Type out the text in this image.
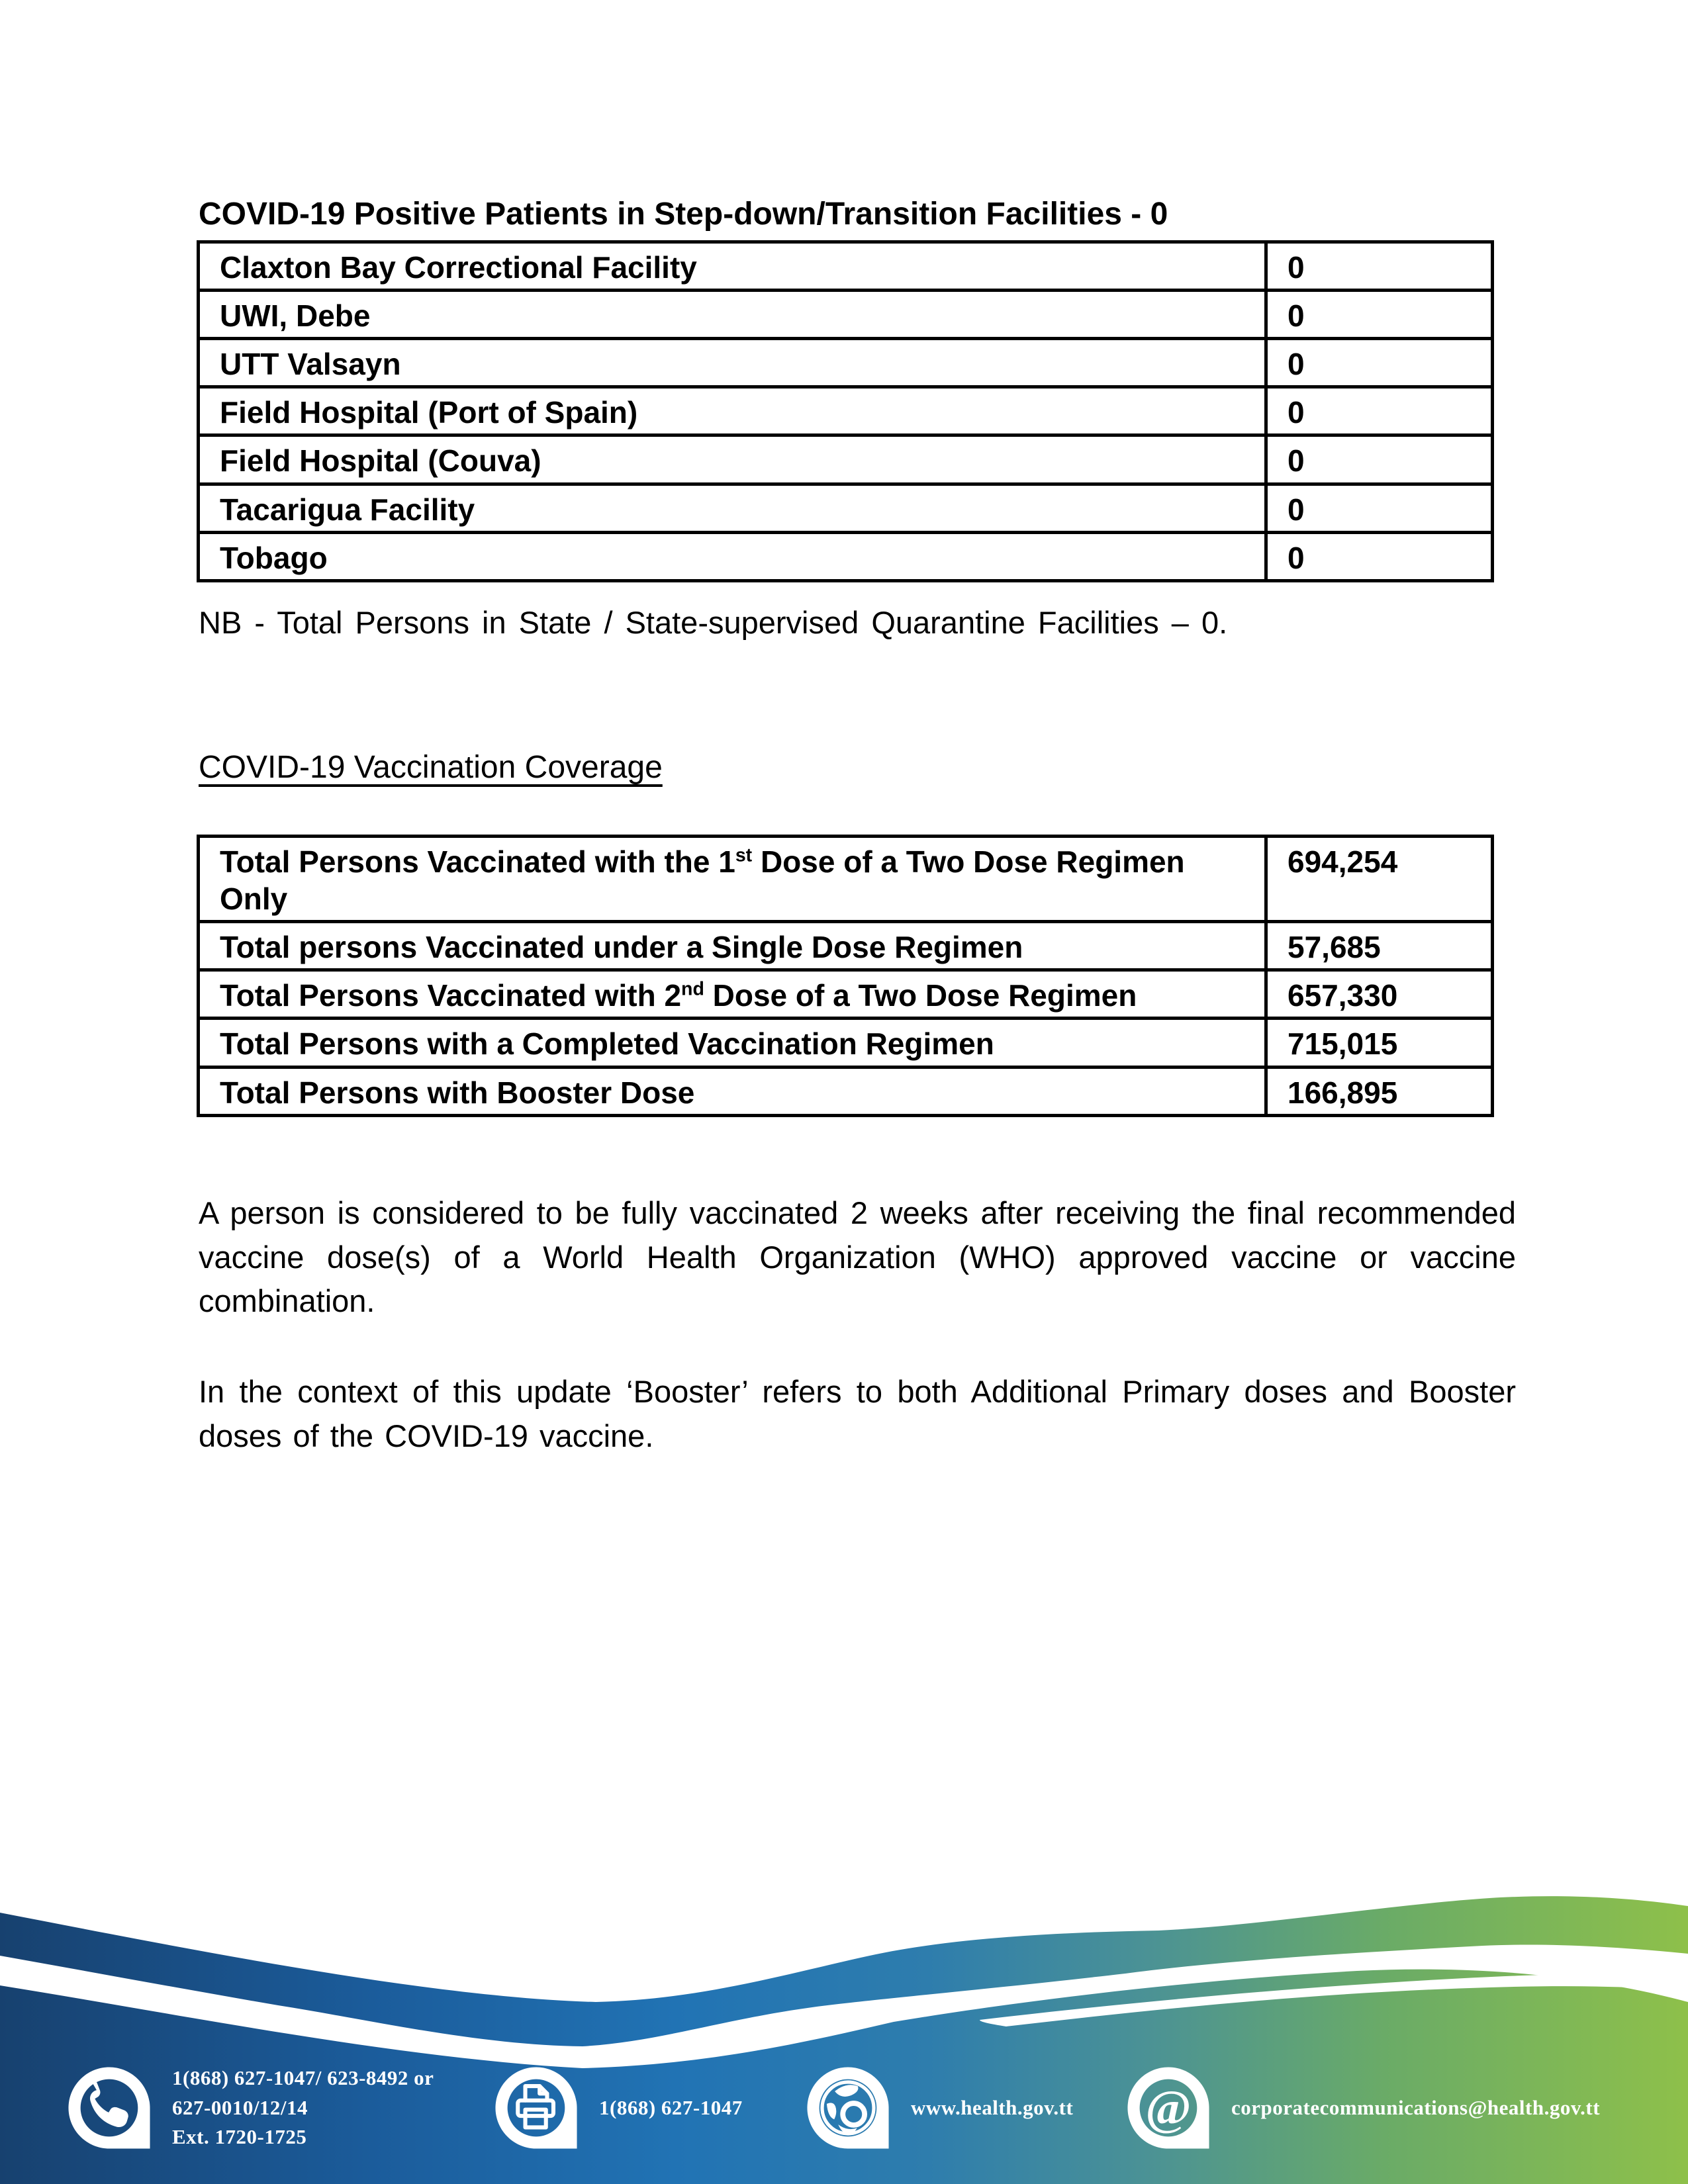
COVID-19 Positive Patients in Step-down/Transition Facilities - 0
Claxton Bay Correctional Facility	0
UWI, Debe	0
UTT Valsayn	0
Field Hospital (Port of Spain)	0
Field Hospital (Couva)	0
Tacarigua Facility	0
Tobago	0
NB - Total Persons in State / State-supervised Quarantine Facilities – 0.
COVID-19 Vaccination Coverage
Total Persons Vaccinated with the 1st Dose of a Two Dose Regimen Only	694,254
Total persons Vaccinated under a Single Dose Regimen	57,685
Total Persons Vaccinated with 2nd Dose of a Two Dose Regimen	657,330
Total Persons with a Completed Vaccination Regimen	715,015
Total Persons with Booster Dose	166,895
A person is considered to be fully vaccinated 2 weeks after receiving the final recommended vaccine dose(s) of a World Health Organization (WHO) approved vaccine or vaccine combination.
In the context of this update ‘Booster’ refers to both Additional Primary doses and Booster doses of the COVID-19 vaccine.
1(868) 627-1047/ 623-8492 or
627-0010/12/14
Ext. 1720-1725
1(868) 627-1047	www.health.gov.tt @ corporatecommunications@health.gov.tt
